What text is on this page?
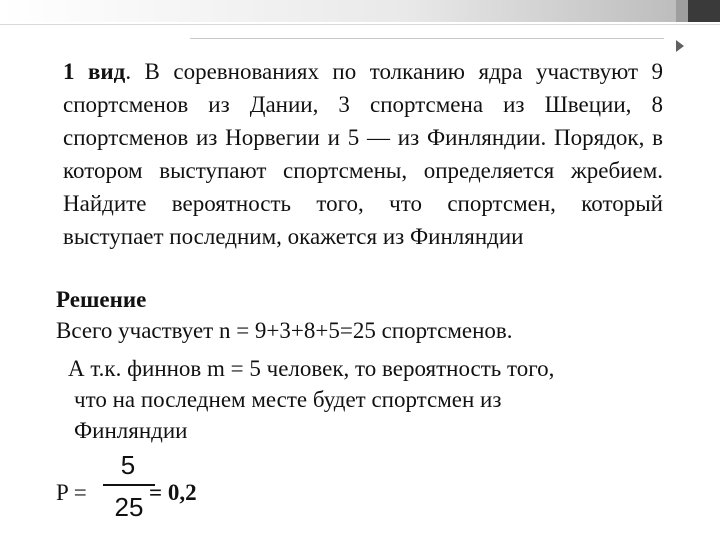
1 вид. В соревнованиях по толканию ядра участвуют 9 спортсменов из Дании, 3 спортсмена из Швеции, 8 спортсменов из Норвегии и 5 — из Финляндии. Порядок, в котором выступают спортсмены, определяется жребием. Найдите вероятность того, что спортсмен, который выступает последним, окажется из Финляндии

Решение

Всего участвует n = 9+3+8+5=25 спортсменов.

А т.к. финнов m = 5 человек, то вероятность того,
что на последнем месте будет спортсмен из
Финляндии

P =
5
25 = 0,2
